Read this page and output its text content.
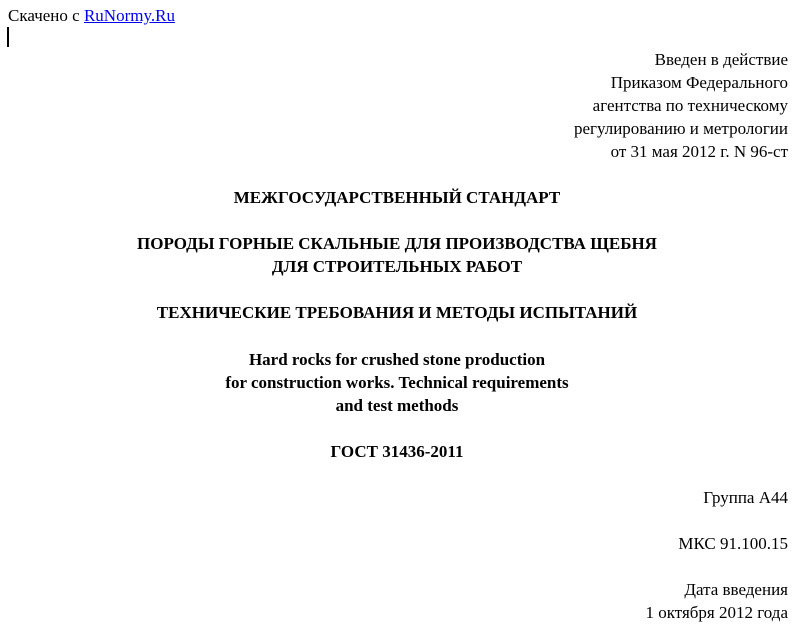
Скачено с RuNormy.Ru
Введен в действие
Приказом Федерального
агентства по техническому
регулированию и метрологии
от 31 мая 2012 г. N 96-ст
МЕЖГОСУДАРСТВЕННЫЙ СТАНДАРТ
ПОРОДЫ ГОРНЫЕ СКАЛЬНЫЕ ДЛЯ ПРОИЗВОДСТВА ЩЕБНЯ
ДЛЯ СТРОИТЕЛЬНЫХ РАБОТ
ТЕХНИЧЕСКИЕ ТРЕБОВАНИЯ И МЕТОДЫ ИСПЫТАНИЙ
Hard rocks for crushed stone production
for construction works. Technical requirements
and test methods
ГОСТ 31436-2011
Группа А44
МКС 91.100.15
Дата введения
1 октября 2012 года
